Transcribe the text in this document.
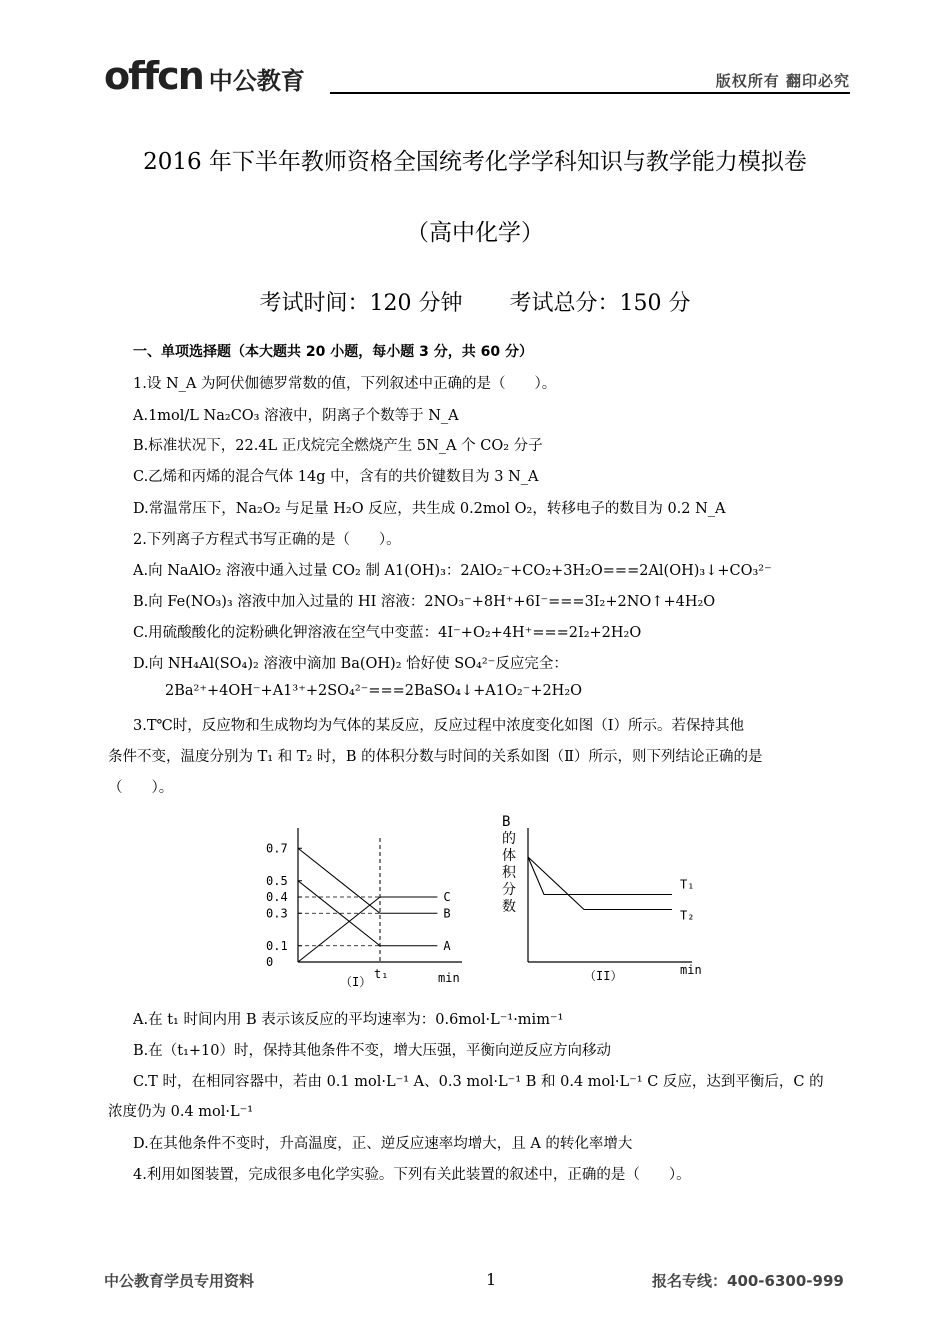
offcn 中公教育	版权所有 翻印必究
2016 年下半年教师资格全国统考化学学科知识与教学能力模拟卷
（高中化学）
考试时间：120 分钟 考试总分：150 分
一、单项选择题（本大题共 20 小题，每小题 3 分，共 60 分）
1.设 N_A 为阿伏伽德罗常数的值，下列叙述中正确的是（　　）。
A.1mol/L Na₂CO₃ 溶液中，阴离子个数等于 N_A
B.标准状况下，22.4L 正戊烷完全燃烧产生 5N_A 个 CO₂ 分子
C.乙烯和丙烯的混合气体 14g 中，含有的共价键数目为 3 N_A
D.常温常压下，Na₂O₂ 与足量 H₂O 反应，共生成 0.2mol O₂，转移电子的数目为 0.2 N_A
2.下列离子方程式书写正确的是（　　）。
A.向 NaAlO₂ 溶液中通入过量 CO₂ 制 A1(OH)₃：2AlO₂⁻+CO₂+3H₂O===2Al(OH)₃↓+CO₃²⁻
B.向 Fe(NO₃)₃ 溶液中加入过量的 HI 溶液：2NO₃⁻+8H⁺+6I⁻===3I₂+2NO↑+4H₂O
C.用硫酸酸化的淀粉碘化钾溶液在空气中变蓝：4I⁻+O₂+4H⁺===2I₂+2H₂O
D.向 NH₄Al(SO₄)₂ 溶液中滴加 Ba(OH)₂ 恰好使 SO₄²⁻反应完全：
2Ba²⁺+4OH⁻+A1³⁺+2SO₄²⁻===2BaSO₄↓+A1O₂⁻+2H₂O
3.T℃时，反应物和生成物均为气体的某反应，反应过程中浓度变化如图（Ⅰ）所示。若保持其他
条件不变，温度分别为 T₁ 和 T₂ 时，B 的体积分数与时间的关系如图（Ⅱ）所示，则下列结论正确的是
（　　）。
0.7
0.5
0.4
0.3
0.1
0
t₁	min
（I）
A
B
C
B
的
体
积
分
数
min
（II）
T₁
T₂
A.在 t₁ 时间内用 B 表示该反应的平均速率为：0.6mol·L⁻¹·mim⁻¹
B.在（t₁+10）时，保持其他条件不变，增大压强，平衡向逆反应方向移动
C.T 时，在相同容器中，若由 0.1 mol·L⁻¹ A、0.3 mol·L⁻¹ B 和 0.4 mol·L⁻¹ C 反应，达到平衡后，C 的
浓度仍为 0.4 mol·L⁻¹
D.在其他条件不变时，升高温度，正、逆反应速率均增大，且 A 的转化率增大
4.利用如图装置，完成很多电化学实验。下列有关此装置的叙述中，正确的是（　　）。
中公教育学员专用资料	1	报名专线：400-6300-999
